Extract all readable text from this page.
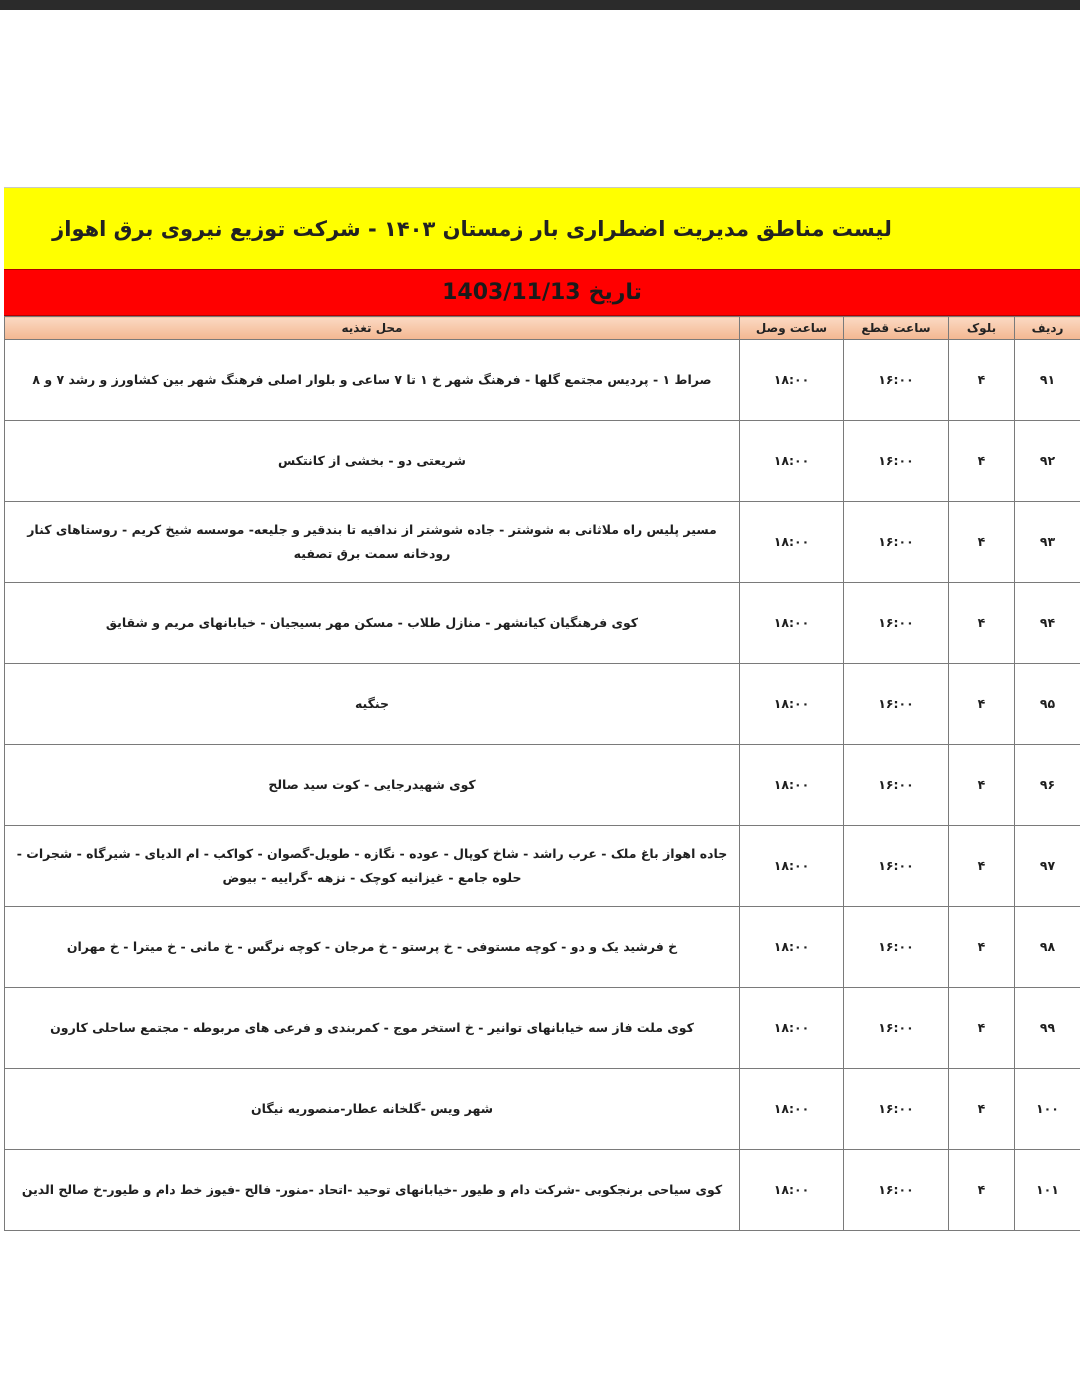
لیست مناطق مدیریت اضطراری بار زمستان ۱۴۰۳ - شرکت توزیع نیروی برق اهواز
تاریخ
1403/11/13
ردیف	بلوک	ساعت قطع	ساعت وصل	محل تغذیه
۹۱	۴	۱۶:۰۰	۱۸:۰۰	صراط ۱ - پردیس مجتمع گلها - فرهنگ شهر خ ۱ تا ۷ ساعی و بلوار اصلی فرهنگ شهر بین کشاورز و رشد ۷ و ۸
۹۲	۴	۱۶:۰۰	۱۸:۰۰	شریعتی دو - بخشی از کانتکس
۹۳	۴	۱۶:۰۰	۱۸:۰۰	مسیر پلیس راه ملاثانی به شوشتر - جاده شوشتر از ندافیه تا بندقیر و جلیعه- موسسه شیخ کریم - روستاهای کنار رودخانه سمت برق تصفیه
۹۴	۴	۱۶:۰۰	۱۸:۰۰	کوی فرهنگیان کیانشهر - منازل طلاب - مسکن مهر بسیجیان - خیابانهای مریم و شقایق
۹۵	۴	۱۶:۰۰	۱۸:۰۰	جنگیه
۹۶	۴	۱۶:۰۰	۱۸:۰۰	کوی شهیدرجایی - کوت سید صالح
۹۷	۴	۱۶:۰۰	۱۸:۰۰	جاده اهواز باغ ملک - عرب راشد - شاخ کوپال - عوده - نگازه - طویل-گصوان - کواکب - ام الدیای - شیرگاه - شجرات - حلوه جامع - غیزانیه کوچک - نزهه -گراییه - بیوض
۹۸	۴	۱۶:۰۰	۱۸:۰۰	خ فرشید یک و دو - کوچه مستوفی - خ پرستو - خ مرجان - کوچه نرگس - خ مانی - خ میترا - خ مهران
۹۹	۴	۱۶:۰۰	۱۸:۰۰	کوی ملت فاز سه خیابانهای توانیر - خ استخر موج - کمربندی و فرعی های مربوطه - مجتمع ساحلی کارون
۱۰۰	۴	۱۶:۰۰	۱۸:۰۰	شهر ویس -گلخانه عطار-منصوریه نیگان
۱۰۱	۴	۱۶:۰۰	۱۸:۰۰	کوی سیاحی برنجکوبی -شرکت دام و طیور -خیابانهای توحید -اتحاد -منور- فالح -فیوز خط دام و طیور-خ صالح الدین
